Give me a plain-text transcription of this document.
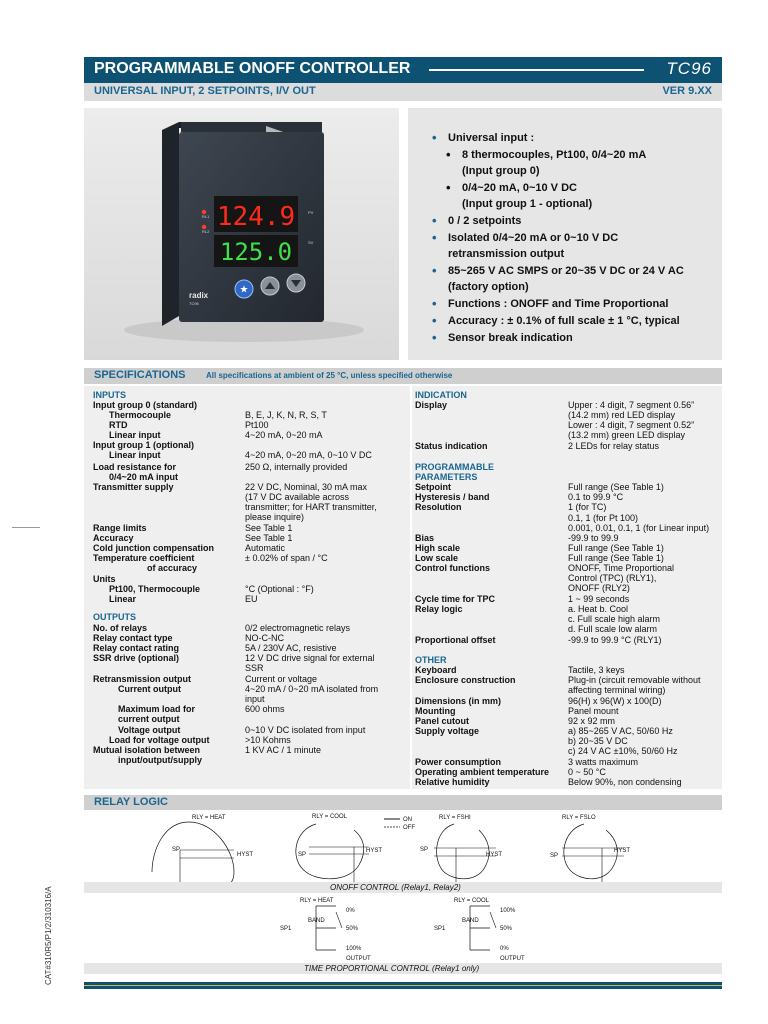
PROGRAMMABLE ONOFF CONTROLLER	TC96
UNIVERSAL INPUT, 2 SETPOINTS, I/V OUT	VER 9.XX
124.9
125.0
RL1
RL2
PV
SV
radix
TC96
★
• Universal input :
• 8 thermocouples, Pt100, 0/4~20 mA
(Input group 0)
• 0/4~20 mA, 0~10 V DC
(Input group 1 - optional)
• 0 / 2 setpoints
• Isolated 0/4~20 mA or 0~10 V DC
retransmission output
• 85~265 V AC SMPS or 20~35 V DC or 24 V AC
(factory option)
• Functions : ONOFF and Time Proportional
• Accuracy : ± 0.1% of full scale ± 1 °C, typical
• Sensor break indication
SPECIFICATIONS	All specifications at ambient of 25 °C, unless specified otherwise
INPUTS
Input group 0 (standard)
Thermocouple	B, E, J, K, N, R, S, T
RTD	Pt100
Linear input	4~20 mA, 0~20 mA
Input group 1 (optional)
Linear input	4~20 mA, 0~20 mA, 0~10 V DC
Load resistance for	250 Ω, internally provided
0/4~20 mA input
Transmitter supply	22 V DC, Nominal, 30 mA max
(17 V DC available across
transmitter; for HART transmitter,
please inquire)
Range limits	See Table 1
Accuracy	See Table 1
Cold junction compensation	Automatic
Temperature coefficient	± 0.02% of span / °C
of accuracy
Units
Pt100, Thermocouple	°C (Optional : °F)
Linear	EU
OUTPUTS
No. of relays	0/2 electromagnetic relays
Relay contact type	NO-C-NC
Relay contact rating	5A / 230V AC, resistive
SSR drive (optional)	12 V DC drive signal for external
SSR
Retransmission output	Current or voltage
Current output	4~20 mA / 0~20 mA isolated from
input
Maximum load for	600 ohms
current output
Voltage output	0~10 V DC isolated from input
Load for voltage output	>10 Kohms
Mutual isolation between	1 KV AC / 1 minute
input/output/supply
INDICATION
Display	Upper : 4 digit, 7 segment 0.56”
(14.2 mm) red LED display
Lower : 4 digit, 7 segment 0.52”
(13.2 mm) green LED display
Status indication	2 LEDs for relay status
PROGRAMMABLE
PARAMETERS
Setpoint	Full range (See Table 1)
Hysteresis / band	0.1 to 99.9 °C
Resolution	1 (for TC)
0.1, 1 (for Pt 100)
0.001, 0.01, 0.1, 1 (for Linear input)
Bias	-99.9 to 99.9
High scale	Full range (See Table 1)
Low scale	Full range (See Table 1)
Control functions	ONOFF, Time Proportional
Control (TPC) (RLY1),
ONOFF (RLY2)
Cycle time for TPC	1 ~ 99 seconds
Relay logic	a. Heat b. Cool
c. Full scale high alarm
d. Full scale low alarm
Proportional offset	-99.9 to 99.9 °C (RLY1)
OTHER
Keyboard	Tactile, 3 keys
Enclosure construction	Plug-in (circuit removable without
affecting terminal wiring)
Dimensions (in mm)	96(H) x 96(W) x 100(D)
Mounting	Panel mount
Panel cutout	92 x 92 mm
Supply voltage	a) 85~265 V AC, 50/60 Hz
b) 20~35 V DC
c) 24 V AC ±10%, 50/60 Hz
Power consumption	3 watts maximum
Operating ambient temperature 0 ~ 50 °C
Relative humidity	Below 90%, non condensing
RELAY LOGIC
RLY = HEAT
SP
HYST
RLY = COOL
SP
HYST
ON
OFF
RLY = FSHI
SP
HYST
RLY = FSLO
SP
HYST
RLY = HEAT
BAND
SP1
0%
50%
100%
OUTPUT
RLY = COOL
BAND
SP1
100%
50%
0%
OUTPUT
ONOFF CONTROL (Relay1, Relay2)
TIME PROPORTIONAL CONTROL (Relay1 only)
CAT#310R5/P1/2/310316/A
